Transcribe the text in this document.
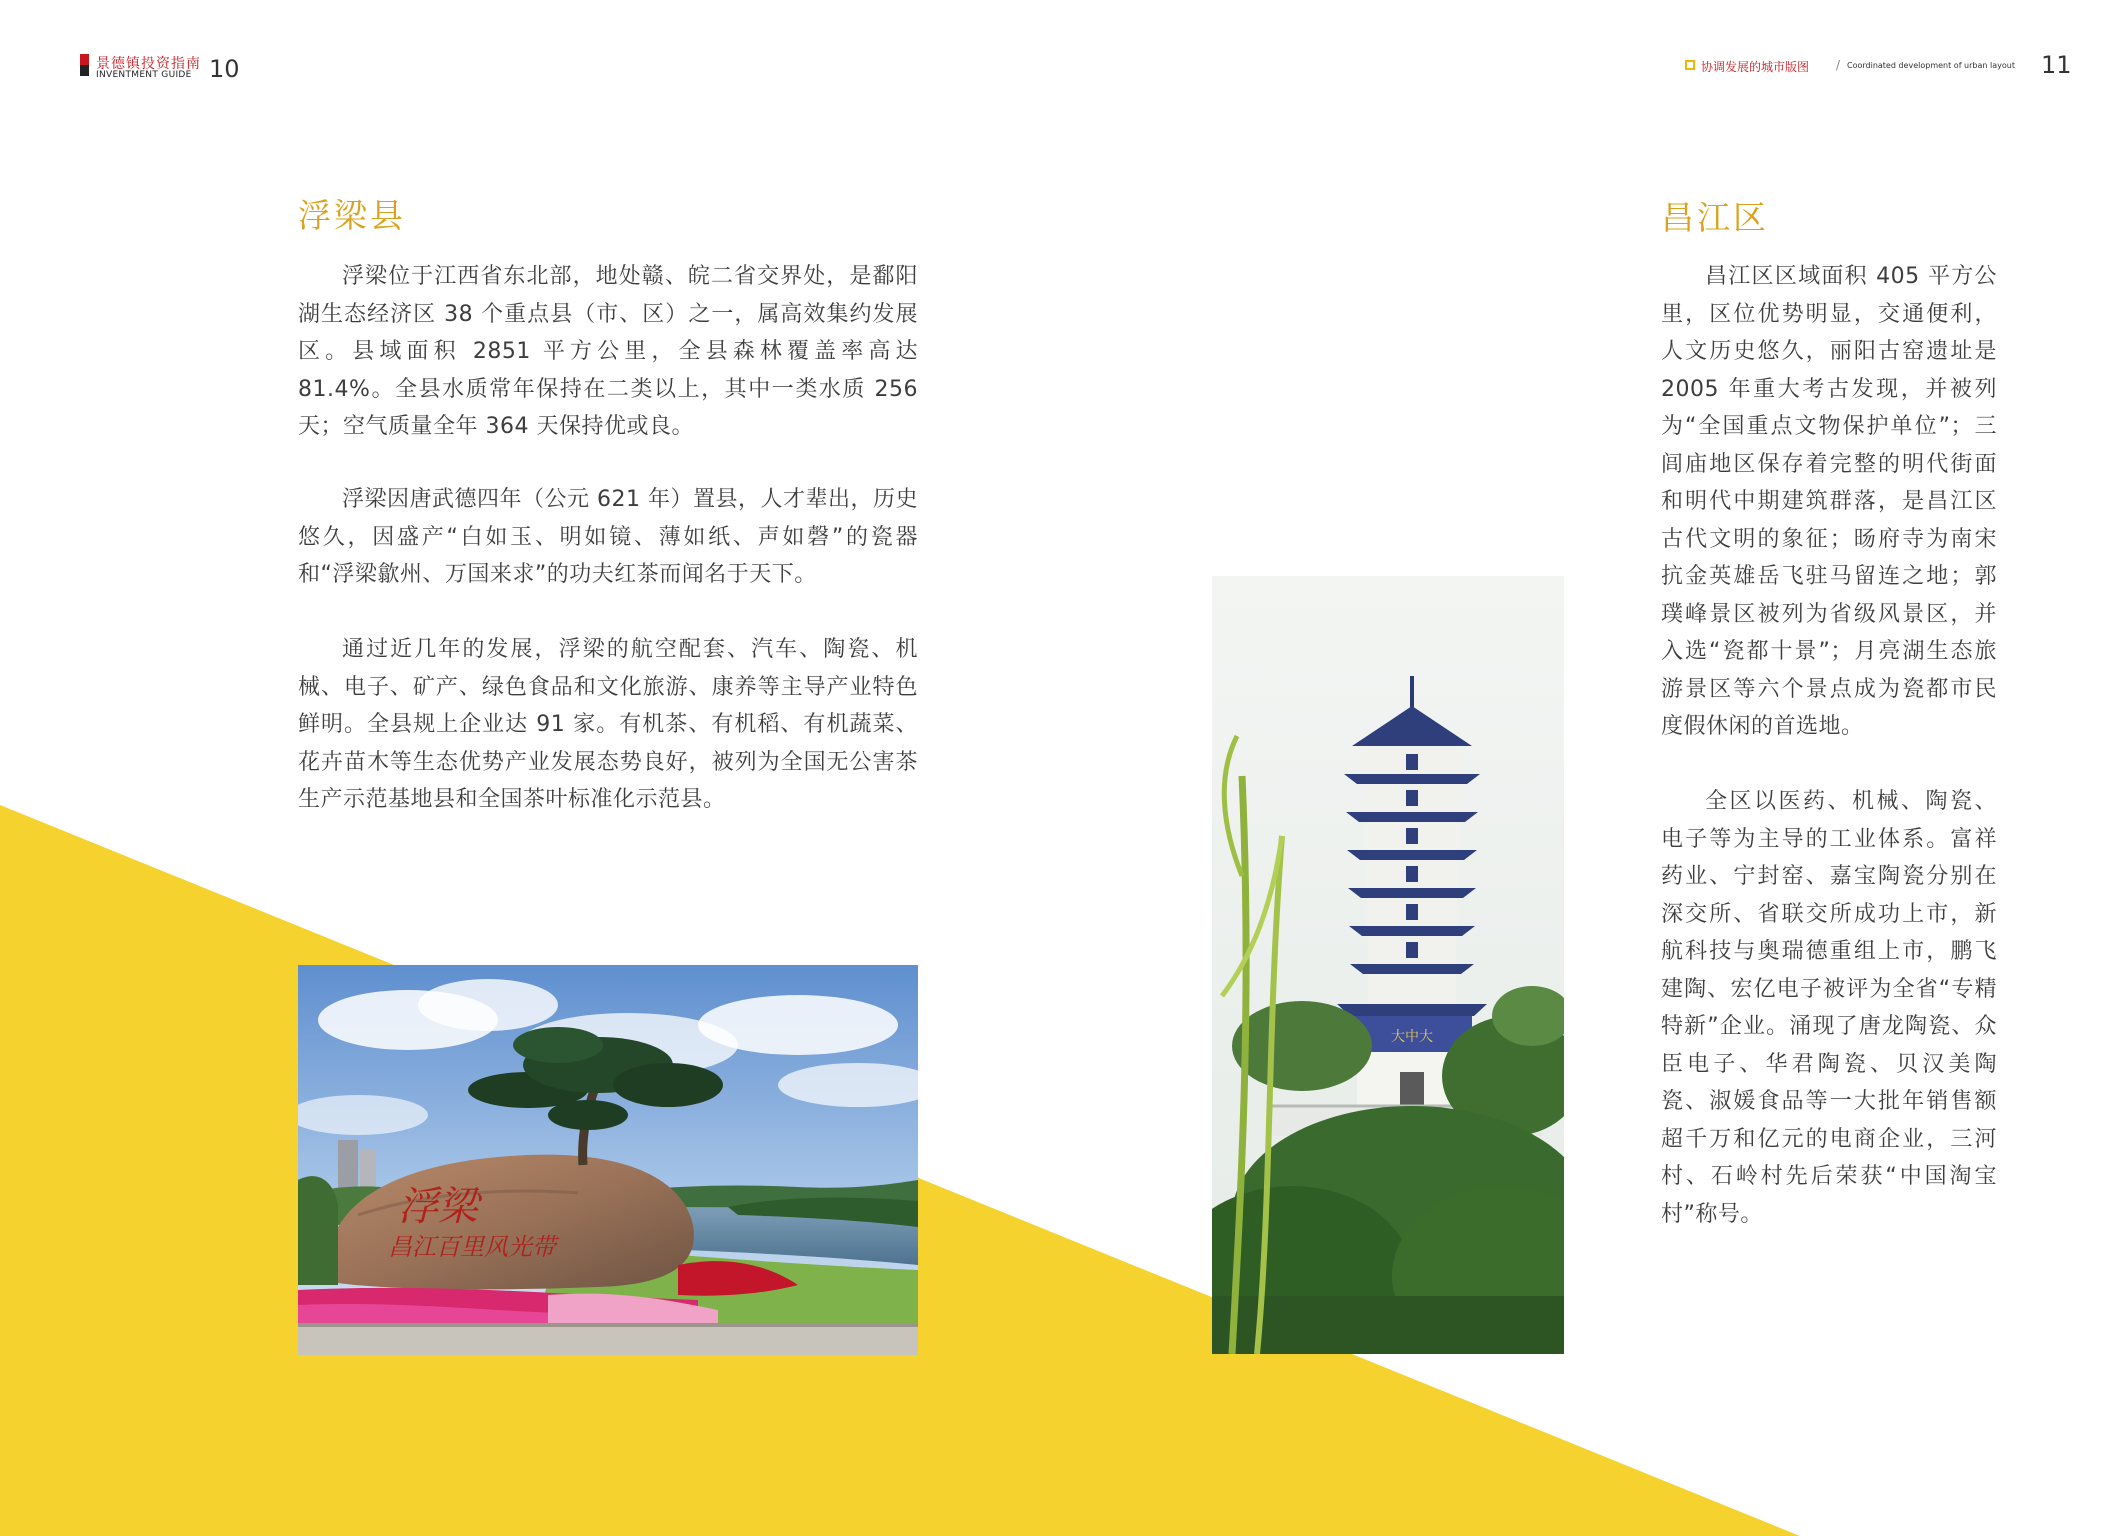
景德镇投资指南
INVENTMENT GUIDE 10
浮梁县

浮梁位于江西省东北部，地处赣、皖二省交界处，是鄱阳湖生态经济区 38 个重点县（市、区）之一，属高效集约发展区。县域面积 2851 平方公里，全县森林覆盖率高达 81.4%。全县水质常年保持在二类以上，其中一类水质 256 天；空气质量全年 364 天保持优或良。

浮梁因唐武德四年（公元 621 年）置县，人才辈出，历史悠久，因盛产“白如玉、明如镜、薄如纸、声如磬”的瓷器和“浮梁歙州、万国来求”的功夫红茶而闻名于天下。

通过近几年的发展，浮梁的航空配套、汽车、陶瓷、机械、电子、矿产、绿色食品和文化旅游、康养等主导产业特色鲜明。全县规上企业达 91 家。有机茶、有机稻、有机蔬菜、花卉苗木等生态优势产业发展态势良好，被列为全国无公害茶生产示范基地县和全国茶叶标准化示范县。

浮梁
昌江百里风光带
大中大
协调发展的城市版图 / Coordinated development of urban layout 11
昌江区

昌江区区域面积 405 平方公里，区位优势明显，交通便利，人文历史悠久，丽阳古窑遗址是 2005 年重大考古发现，并被列为“全国重点文物保护单位”；三闾庙地区保存着完整的明代街面和明代中期建筑群落，是昌江区古代文明的象征；旸府寺为南宋抗金英雄岳飞驻马留连之地；郭璞峰景区被列为省级风景区，并入选“瓷都十景”；月亮湖生态旅游景区等六个景点成为瓷都市民度假休闲的首选地。

全区以医药、机械、陶瓷、电子等为主导的工业体系。富祥药业、宁封窑、嘉宝陶瓷分别在深交所、省联交所成功上市，新航科技与奥瑞德重组上市，鹏飞建陶、宏亿电子被评为全省“专精特新”企业。涌现了唐龙陶瓷、众臣电子、华君陶瓷、贝汉美陶瓷、淑媛食品等一大批年销售额超千万和亿元的电商企业，三河村、石岭村先后荣获“中国淘宝村”称号。
